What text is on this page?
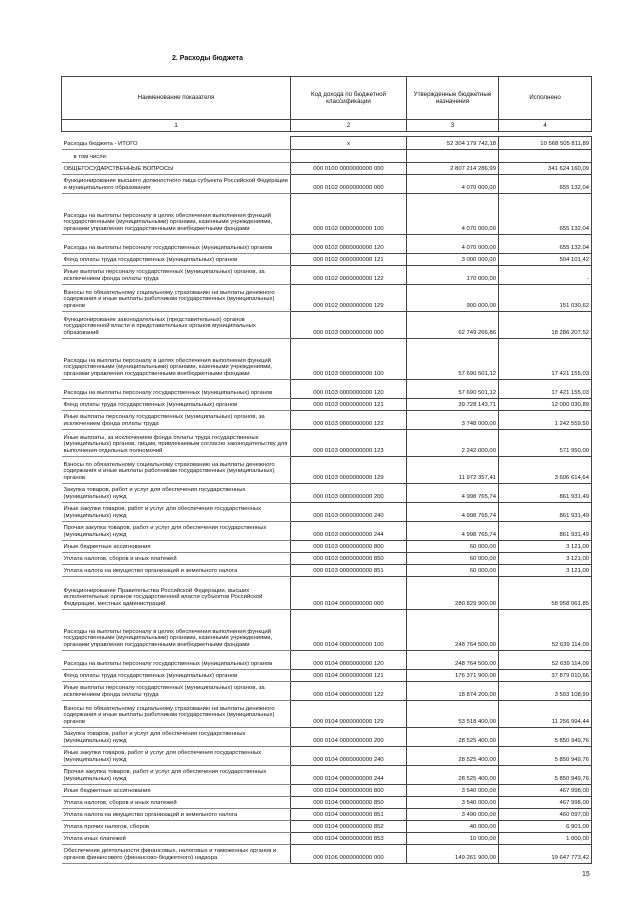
2. Расходы бюджета
Наименование показателя	Код дохода по бюджетной классификации	Утвержденные бюджетные назначения	Исполнено
1	2	3	4

Расходы бюджета - ИТОГО	x	52 304 179 742,18	10 568 505 811,89
в том числе:			
ОБЩЕГОСУДАРСТВЕННЫЕ ВОПРОСЫ	000 0100 0000000000 000	2 807 214 286,99	341 624 160,09
Функционирование высшего должностного лица субъекта Российской Федерации и муниципального образования	000 0102 0000000000 000	4 070 000,00	655 132,04
Расходы на выплаты персоналу в целях обеспечения выполнения функций государственными (муниципальными) органами, казенными учреждениями, органами управления государственными внебюджетными фондами	000 0102 0000000000 100	4 070 000,00	655 132,04
Расходы на выплаты персоналу государственных (муниципальных) органов	000 0102 0000000000 120	4 070 000,00	655 132,04
Фонд оплаты труда государственных (муниципальных) органов	000 0102 0000000000 121	3 000 000,00	504 101,42
Иные выплаты персоналу государственных (муниципальных) органов, за исключением фонда оплаты труда	000 0102 0000000000 122	170 000,00	-
Взносы по обязательному социальному страхованию на выплаты денежного содержания и иные выплаты работникам государственных (муниципальных) органов	000 0102 0000000000 129	900 000,00	151 030,62
Функционирование законодательных (представительных) органов государственной власти и представительных органов муниципальных образований	000 0103 0000000000 000	62 749 266,86	18 286 207,52
Расходы на выплаты персоналу в целях обеспечения выполнения функций государственными (муниципальными) органами, казенными учреждениями, органами управления государственными внебюджетными фондами	000 0103 0000000000 100	57 690 501,12	17 421 155,03
Расходы на выплаты персоналу государственных (муниципальных) органов	000 0103 0000000000 120	57 690 501,12	17 421 155,03
Фонд оплаты труда государственных (муниципальных) органов	000 0103 0000000000 121	39 728 143,71	12 000 030,89
Иные выплаты персоналу государственных (муниципальных) органов, за исключением фонда оплаты труда	000 0103 0000000000 122	3 748 000,00	1 242 559,50
Иные выплаты, за исключением фонда оплаты труда государственных (муниципальных) органов, лицам, привлекаемым согласно законодательству для выполнения отдельных полномочий	000 0103 0000000000 123	2 242 000,00	571 950,00
Взносы по обязательному социальному страхованию на выплаты денежного содержания и иные выплаты работникам государственных (муниципальных) органов	000 0103 0000000000 129	11 972 357,41	3 606 614,64
Закупка товаров, работ и услуг для обеспечения государственных (муниципальных) нужд	000 0103 0000000000 200	4 998 765,74	861 931,49
Иные закупки товаров, работ и услуг для обеспечения государственных (муниципальных) нужд	000 0103 0000000000 240	4 998 765,74	861 931,49
Прочая закупка товаров, работ и услуг для обеспечения государственных (муниципальных) нужд	000 0103 0000000000 244	4 998 765,74	861 931,49
Иные бюджетные ассигнования	000 0103 0000000000 800	60 000,00	3 121,00
Уплата налогов, сборов и иных платежей	000 0103 0000000000 850	60 000,00	3 121,00
Уплата налога на имущество организаций и земельного налога	000 0103 0000000000 851	60 000,00	3 121,00
Функционирование Правительства Российской Федерации, высших исполнительных органов государственной власти субъектов Российской Федерации, местных администраций	000 0104 0000000000 000	280 829 900,00	58 958 061,85
Расходы на выплаты персоналу в целях обеспечения выполнения функций государственными (муниципальными) органами, казенными учреждениями, органами управления государственными внебюджетными фондами	000 0104 0000000000 100	248 764 500,00	52 639 114,09
Расходы на выплаты персоналу государственных (муниципальных) органов	000 0104 0000000000 120	248 764 500,00	52 639 114,09
Фонд оплаты труда государственных (муниципальных) органов	000 0104 0000000000 121	176 371 900,00	37 879 010,66
Иные выплаты персоналу государственных (муниципальных) органов, за исключением фонда оплаты труда	000 0104 0000000000 122	18 874 200,00	3 503 108,99
Взносы по обязательному социальному страхованию на выплаты денежного содержания и иные выплаты работникам государственных (муниципальных) органов	000 0104 0000000000 129	53 518 400,00	11 256 994,44
Закупка товаров, работ и услуг для обеспечения государственных (муниципальных) нужд	000 0104 0000000000 200	28 525 400,00	5 850 949,76
Иные закупки товаров, работ и услуг для обеспечения государственных (муниципальных) нужд	000 0104 0000000000 240	28 525 400,00	5 850 949,76
Прочая закупка товаров, работ и услуг для обеспечения государственных (муниципальных) нужд	000 0104 0000000000 244	28 525 400,00	5 850 949,76
Иные бюджетные ассигнования	000 0104 0000000000 800	3 540 000,00	467 998,00
Уплата налогов, сборов и иных платежей	000 0104 0000000000 850	3 540 000,00	467 998,00
Уплата налога на имущество организаций и земельного налога	000 0104 0000000000 851	3 490 000,00	460 097,00
Уплата прочих налогов, сборов	000 0104 0000000000 852	40 000,00	6 901,00
Уплата иных платежей	000 0104 0000000000 853	10 000,00	1 000,00
Обеспечение деятельности финансовых, налоговых и таможенных органов и органов финансового (финансово-бюджетного) надзора	000 0106 0000000000 000	149 261 900,00	19 647 773,42
15
